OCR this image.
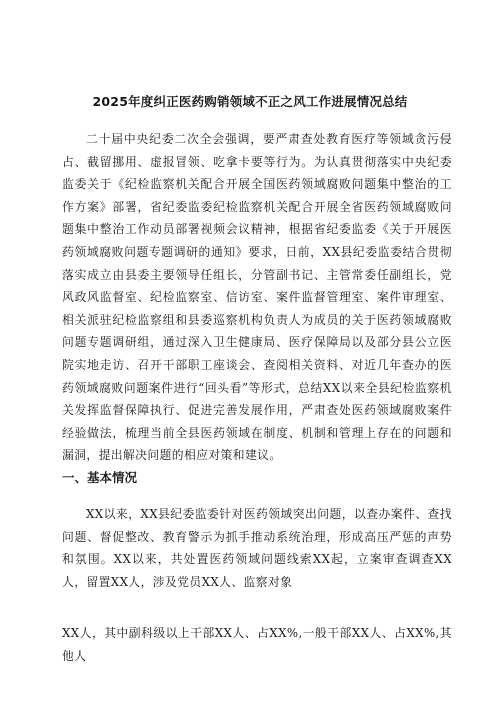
2025年度纠正医药购销领域不正之风工作进展情况总结

二十届中央纪委二次全会强调，要严肃查处教育医疗等领域贪污侵占、截留挪用、虚报冒领、吃拿卡要等行为。为认真贯彻落实中央纪委监委关于《纪检监察机关配合开展全国医药领域腐败问题集中整治的工作方案》部署，省纪委监委纪检监察机关配合开展全省医药领域腐败问题集中整治工作动员部署视频会议精神，根据省纪委监委《关于开展医药领域腐败问题专题调研的通知》要求，日前，XX县纪委监委结合贯彻落实成立由县委主要领导任组长，分管副书记、主管常委任副组长，党风政风监督室、纪检监察室、信访室、案件监督管理室、案件审理室、相关派驻纪检监察组和县委巡察机构负责人为成员的关于医药领域腐败问题专题调研组，通过深入卫生健康局、医疗保障局以及部分县公立医院实地走访、召开干部职工座谈会、查阅相关资料、对近几年查办的医药领域腐败问题案件进行“回头看”等形式，总结XX以来全县纪检监察机关发挥监督保障执行、促进完善发展作用，严肃查处医药领域腐败案件经验做法，梳理当前全县医药领域在制度、机制和管理上存在的问题和漏洞，提出解决问题的相应对策和建议。

一、基本情况

XX以来，XX县纪委监委针对医药领域突出问题，以查办案件、查找问题、督促整改、教育警示为抓手推动系统治理，形成高压严惩的声势和氛围。XX以来，共处置医药领域问题线索XX起，立案审查调查XX人，留置XX人，涉及党员XX人、监察对象

XX人，其中副科级以上干部XX人、占XX%,一般干部XX人、占XX%,其他人
